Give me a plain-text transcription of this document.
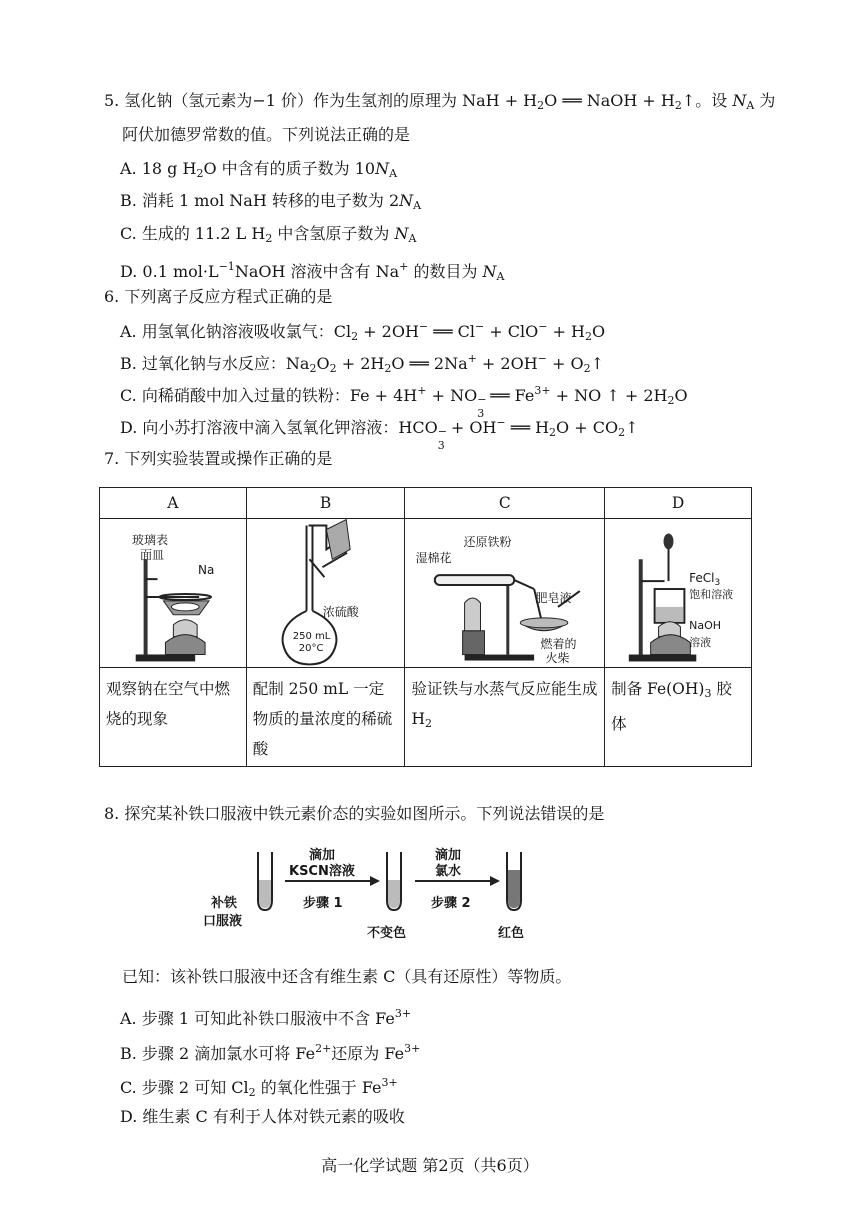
5. 氢化钠（氢元素为−1 价）作为生氢剂的原理为 NaH + $H_2O$ ══ NaOH + $H_2↑$。设 $N_A$ 为
阿伏加德罗常数的值。下列说法正确的是
A. 18 g $H_2O$ 中含有的质子数为 $10N_A$
B. 消耗 1 mol NaH 转移的电子数为 $2N_A$
C. 生成的 11.2 L $H_2$ 中含氢原子数为 $N_A$
D. 0.1 $mol\cdot L^{-1}NaOH$ 溶液中含有 Na+ 的数目为 $N_A$
6. 下列离子反应方程式正确的是
A. 用氢氧化钠溶液吸收氯气：$Cl_2 + 2OH^-$ ══ $Cl^- + ClO^- + H_2O$
B. 过氧化钠与水反应：$Na_2O_2 + 2H_2O$ ══ $2Na^+ + 2OH^- + O_2↑$
C. 向稀硝酸中加入过量的铁粉：Fe + 4H+ + NO −
3
══ $Fe^{3+}$ + NO ↑ + $2H_2O$
D. 向小苏打溶液中滴入氢氧化钾溶液：HCO −
3
+ OH− ══ $H_2O$ + $CO_2↑$
7. 下列实验装置或操作正确的是
A	B	C	D

玻璃表
面皿
Na	浓硫酸
250 mL
20°C	湿棉花
还原铁粉
肥皂液
燃着的
火柴	FeCl$_3$
饱和溶液
NaOH
溶液

观察钠在空气中燃烧的现象	配制 250 mL 一定物质的量浓度的稀硫酸	验证铁与水蒸气反应能生成 $H_2$	制备 $Fe(OH)_3$ 胶体
8. 探究某补铁口服液中铁元素价态的实验如图所示。下列说法错误的是
滴加
KSCN溶液
步骤 1
滴加
氯水
步骤 2
补铁
口服液
不变色	红色
已知：该补铁口服液中还含有维生素 C（具有还原性）等物质。
A. 步骤 1 可知此补铁口服液中不含 $Fe^{3+}$
B. 步骤 2 滴加氯水可将 $Fe^{2+}$还原为 $Fe^{3+}$
C. 步骤 2 可知 $Cl_2$ 的氧化性强于 $Fe^{3+}$
D. 维生素 C 有利于人体对铁元素的吸收
高一化学试题 第2页（共6页）
